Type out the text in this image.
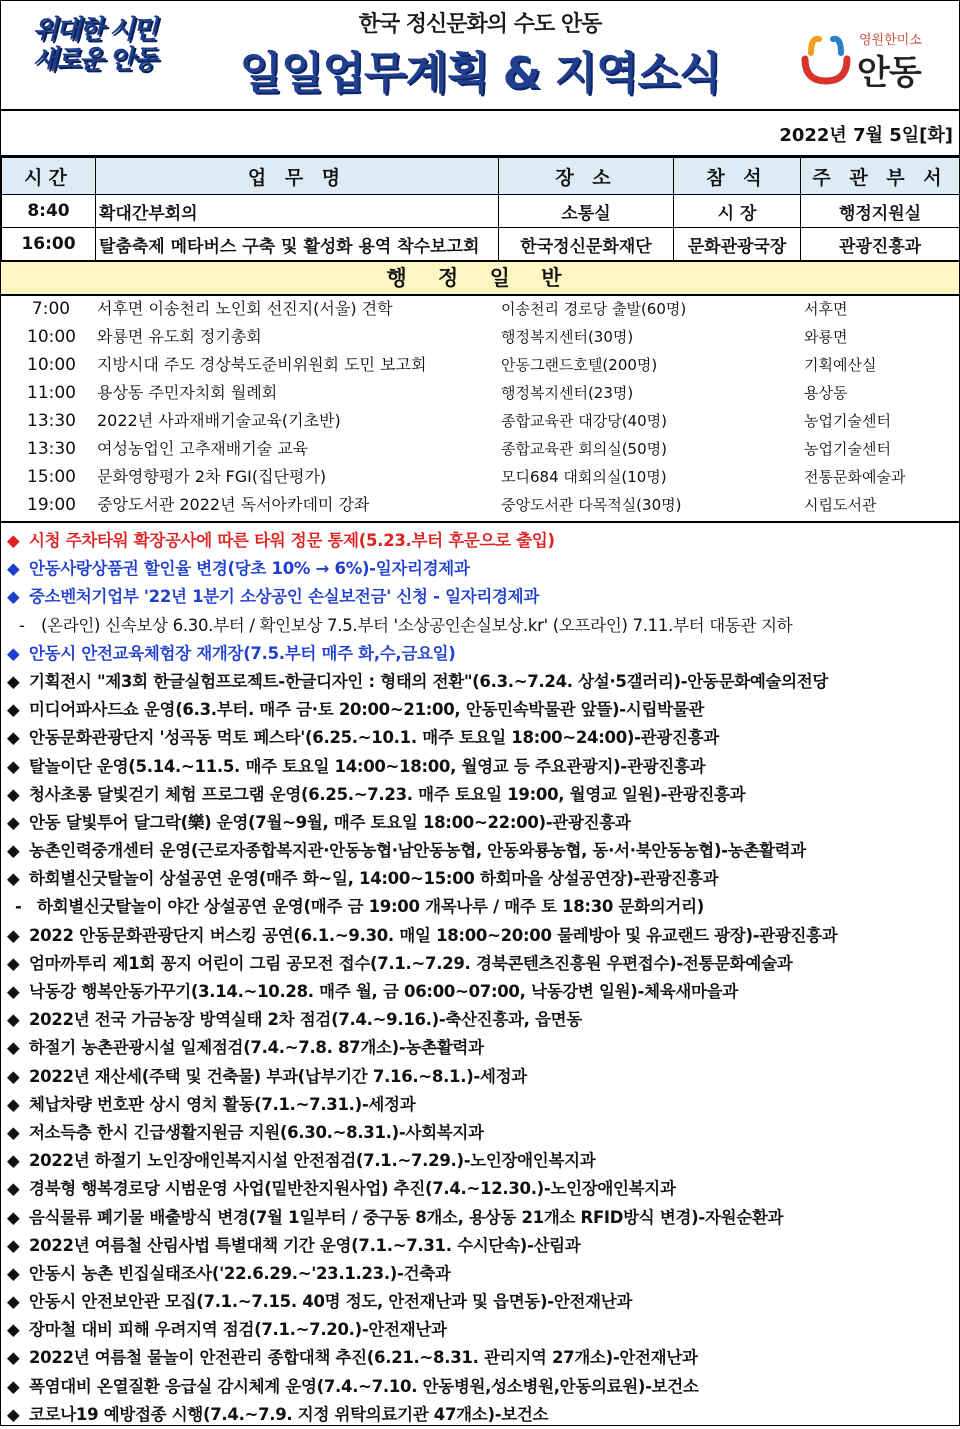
위대한 시민
새로운 안동
한국 정신문화의 수도 안동
일일업무계획 & 지역소식
영원한미소
안동
2022년 7월 5일[화]
시간	업 무 명	장 소	참 석	주 관 부 서
8:40	확대간부회의	소통실	시 장	행정지원실
16:00	탈춤축제 메타버스 구축 및 활성화 용역 착수보고회	한국정신문화재단	문화관광국장	관광진흥과
행 정 일 반
7:00	서후면 이송천리 노인회 선진지(서울) 견학	이송천리 경로당 출발(60명)	서후면
10:00 와룡면 유도회 정기총회	행정복지센터(30명)	와룡면
10:00 지방시대 주도 경상북도준비위원회 도민 보고회	안동그랜드호텔(200명)	기획예산실
11:00 용상동 주민자치회 월례회	행정복지센터(23명)	용상동
13:30 2022년 사과재배기술교육(기초반)	종합교육관 대강당(40명)	농업기술센터
13:30 여성농업인 고추재배기술 교육	종합교육관 회의실(50명)	농업기술센터
15:00 문화영향평가 2차 FGI(집단평가)	모디684 대회의실(10명)	전통문화예술과
19:00 중앙도서관 2022년 독서아카데미 강좌	중앙도서관 다목적실(30명)	시립도서관
◆ 시청 주차타워 확장공사에 따른 타워 정문 통제(5.23.부터 후문으로 출입)
◆ 안동사랑상품권 할인율 변경(당초 10% → 6%)-일자리경제과
◆ 중소벤처기업부 '22년 1분기 소상공인 손실보전금' 신청 - 일자리경제과
- (온라인) 신속보상 6.30.부터 / 확인보상 7.5.부터 '소상공인손실보상.kr' (오프라인) 7.11.부터 대동관 지하
◆ 안동시 안전교육체험장 재개장(7.5.부터 매주 화,수,금요일)
◆ 기획전시 "제3회 한글실험프로젝트-한글디자인 : 형태의 전환"(6.3.~7.24. 상설·5갤러리)-안동문화예술의전당
◆ 미디어파사드쇼 운영(6.3.부터. 매주 금·토 20:00~21:00, 안동민속박물관 앞뜰)-시립박물관
◆ 안동문화관광단지 '성곡동 먹토 페스타'(6.25.~10.1. 매주 토요일 18:00~24:00)-관광진흥과
◆ 탈놀이단 운영(5.14.~11.5. 매주 토요일 14:00~18:00, 월영교 등 주요관광지)-관광진흥과
◆ 청사초롱 달빛걷기 체험 프로그램 운영(6.25.~7.23. 매주 토요일 19:00, 월영교 일원)-관광진흥과
◆ 안동 달빛투어 달그락(樂) 운영(7월~9월, 매주 토요일 18:00~22:00)-관광진흥과
◆ 농촌인력중개센터 운영(근로자종합복지관·안동농협·남안동농협, 안동와룡농협, 동·서·북안동농협)-농촌활력과
◆ 하회별신굿탈놀이 상설공연 운영(매주 화~일, 14:00~15:00 하회마을 상설공연장)-관광진흥과
- 하회별신굿탈놀이 야간 상설공연 운영(매주 금 19:00 개목나루 / 매주 토 18:30 문화의거리)
◆ 2022 안동문화관광단지 버스킹 공연(6.1.~9.30. 매일 18:00~20:00 물레방아 및 유교랜드 광장)-관광진흥과
◆ 엄마까투리 제1회 꽁지 어린이 그림 공모전 접수(7.1.~7.29. 경북콘텐츠진흥원 우편접수)-전통문화예술과
◆ 낙동강 행복안동가꾸기(3.14.~10.28. 매주 월, 금 06:00~07:00, 낙동강변 일원)-체육새마을과
◆ 2022년 전국 가금농장 방역실태 2차 점검(7.4.~9.16.)-축산진흥과, 읍면동
◆ 하절기 농촌관광시설 일제점검(7.4.~7.8. 87개소)-농촌활력과
◆ 2022년 재산세(주택 및 건축물) 부과(납부기간 7.16.~8.1.)-세정과
◆ 체납차량 번호판 상시 영치 활동(7.1.~7.31.)-세정과
◆ 저소득층 한시 긴급생활지원금 지원(6.30.~8.31.)-사회복지과
◆ 2022년 하절기 노인장애인복지시설 안전점검(7.1.~7.29.)-노인장애인복지과
◆ 경북형 행복경로당 시범운영 사업(밑반찬지원사업) 추진(7.4.~12.30.)-노인장애인복지과
◆ 음식물류 폐기물 배출방식 변경(7월 1일부터 / 중구동 8개소, 용상동 21개소 RFID방식 변경)-자원순환과
◆ 2022년 여름철 산림사법 특별대책 기간 운영(7.1.~7.31. 수시단속)-산림과
◆ 안동시 농촌 빈집실태조사('22.6.29.~'23.1.23.)-건축과
◆ 안동시 안전보안관 모집(7.1.~7.15. 40명 정도, 안전재난과 및 읍면동)-안전재난과
◆ 장마철 대비 피해 우려지역 점검(7.1.~7.20.)-안전재난과
◆ 2022년 여름철 물놀이 안전관리 종합대책 추진(6.21.~8.31. 관리지역 27개소)-안전재난과
◆ 폭염대비 온열질환 응급실 감시체계 운영(7.4.~7.10. 안동병원,성소병원,안동의료원)-보건소
◆ 코로나19 예방접종 시행(7.4.~7.9. 지정 위탁의료기관 47개소)-보건소
